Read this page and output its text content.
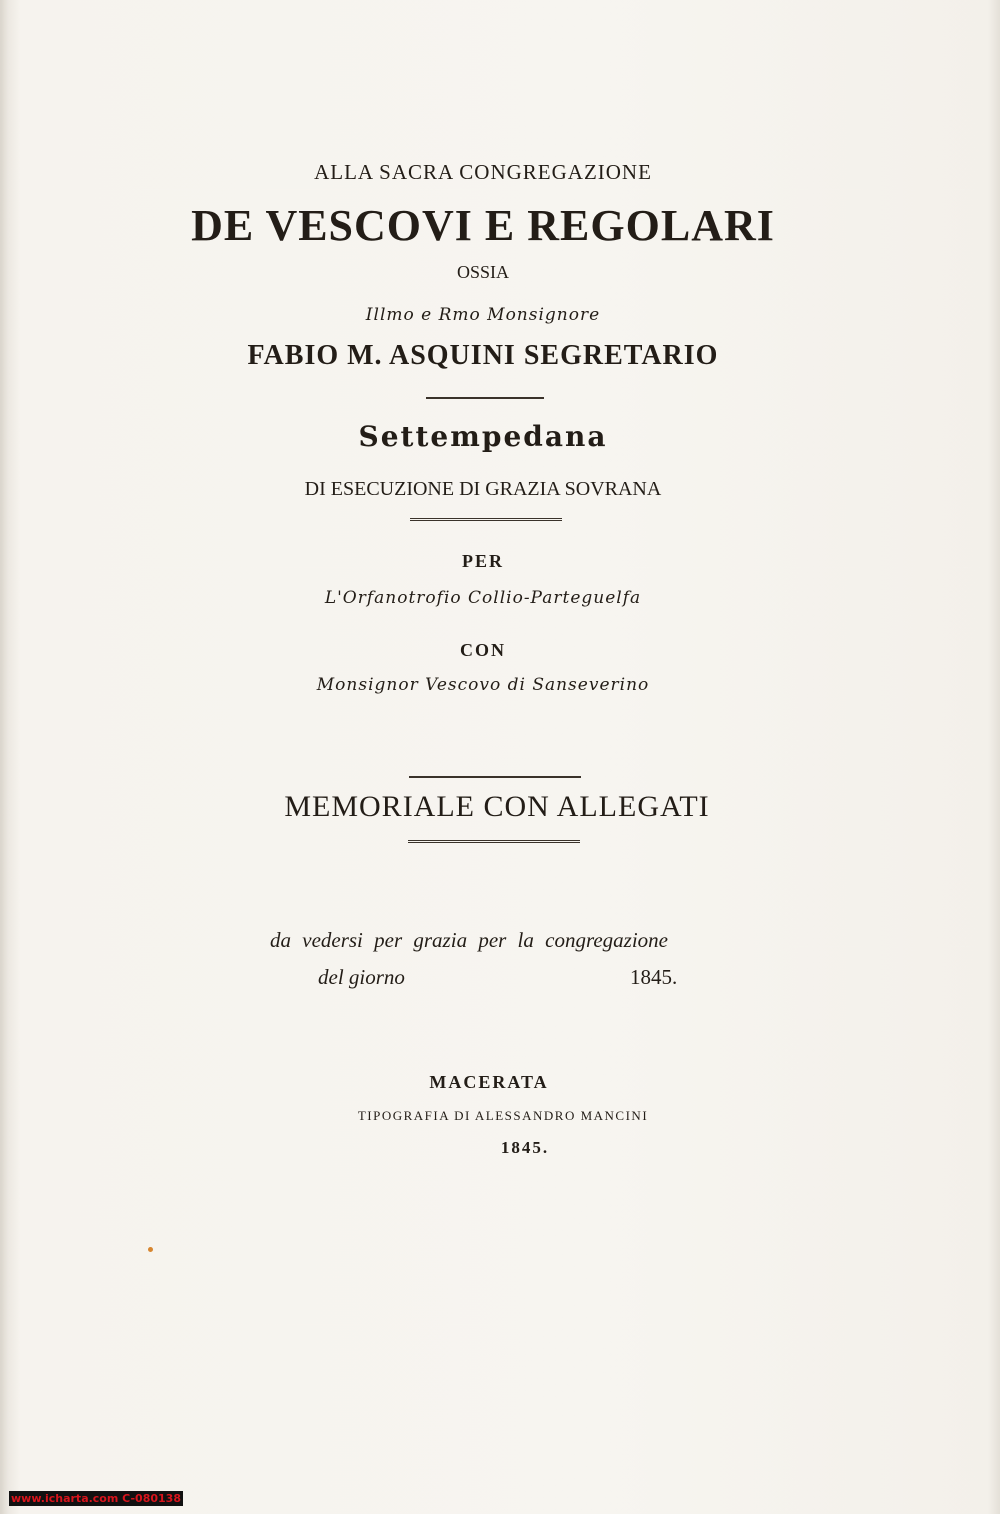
ALLA SACRA CONGREGAZIONE
DE VESCOVI E REGOLARI
OSSIA
Illmo e Rmo Monsignore
FABIO M. ASQUINI SEGRETARIO
Settempedana
DI ESECUZIONE DI GRAZIA SOVRANA
PER
L'Orfanotrofio Collio-Parteguelfa
CON
Monsignor Vescovo di Sanseverino
MEMORIALE CON ALLEGATI
da vedersi per grazia per la congregazione
del giorno	1845.
MACERATA
TIPOGRAFIA DI ALESSANDRO MANCINI
1845.
www.icharta.com C-080138
